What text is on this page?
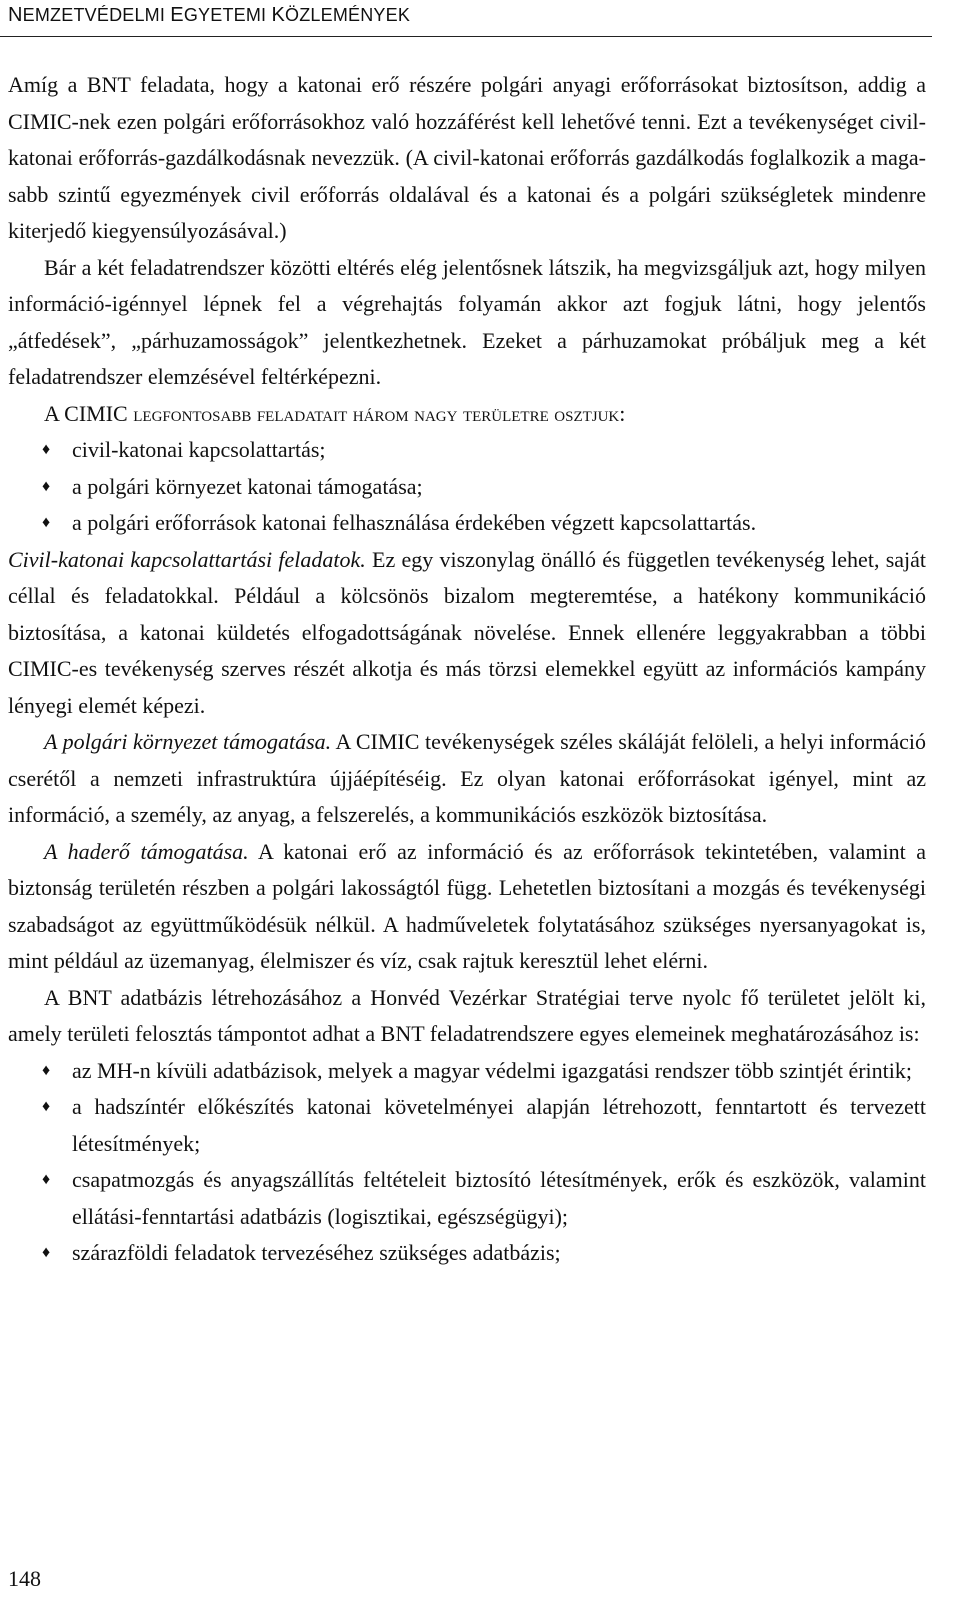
NEMZETVÉDELMI EGYETEMI KÖZLEMÉNYEK

Amíg a BNT feladata, hogy a katonai erő részére polgári anyagi erőforrásokat biztosítson, addig a CIMIC-nek ezen polgári erőforrásokhoz való hozzáférést kell lehetővé tenni. Ezt a tevékenységet civil-katonai erőforrás-gazdálkodásnak nevezzük. (A civil-katonai erőforrás gazdálkodás foglalkozik a magasabb szintű egyezmények civil erőforrás oldalával és a katonai és a polgári szükségletek mindenre kiterjedő kiegyensúlyozásával.)

Bár a két feladatrendszer közötti eltérés elég jelentősnek látszik, ha megvizsgáljuk azt, hogy milyen információ-igénnyel lépnek fel a végrehajtás folyamán akkor azt fogjuk látni, hogy jelentős „átfedések”, „párhuzamosságok” jelentkezhetnek. Ezeket a párhuzamokat próbáljuk meg a két feladatrendszer elemzésével feltérképezni.

A CIMIC legfontosabb feladatait három nagy területre osztjuk:

♦ civil-katonai kapcsolattartás;
♦ a polgári környezet katonai támogatása;
♦ a polgári erőforrások katonai felhasználása érdekében végzett kapcsolattartás.

Civil-katonai kapcsolattartási feladatok. Ez egy viszonylag önálló és független tevékenység lehet, saját céllal és feladatokkal. Például a kölcsönös bizalom megteremtése, a hatékony kommunikáció biztosítása, a katonai küldetés elfogadottságának növelése. Ennek ellenére leggyakrabban a többi CIMIC-es tevékenység szerves részét alkotja és más törzsi elemekkel együtt az információs kampány lényegi elemét képezi.

A polgári környezet támogatása. A CIMIC tevékenységek széles skáláját felöleli, a helyi információ cserétől a nemzeti infrastruktúra újjáépítéséig. Ez olyan katonai erőforrásokat igényel, mint az információ, a személy, az anyag, a felszerelés, a kommunikációs eszközök biztosítása.

A haderő támogatása. A katonai erő az információ és az erőforrások tekintetében, valamint a biztonság területén részben a polgári lakosságtól függ. Lehetetlen biztosítani a mozgás és tevékenységi szabadságot az együttműködésük nélkül. A hadműveletek folytatásához szükséges nyersanyagokat is, mint például az üzemanyag, élelmiszer és víz, csak rajtuk keresztül lehet elérni.

A BNT adatbázis létrehozásához a Honvéd Vezérkar Stratégiai terve nyolc fő területet jelölt ki, amely területi felosztás támpontot adhat a BNT feladatrendszere egyes elemeinek meghatározásához is:

♦ az MH-n kívüli adatbázisok, melyek a magyar védelmi igazgatási rendszer több szintjét érintik;
♦ a hadszíntér előkészítés katonai követelményei alapján létrehozott, fenntartott és tervezett létesítmények;
♦ csapatmozgás és anyagszállítás feltételeit biztosító létesítmények, erők és eszközök, valamint ellátási-fenntartási adatbázis (logisztikai, egészségügyi);
♦ szárazföldi feladatok tervezéséhez szükséges adatbázis;
148
